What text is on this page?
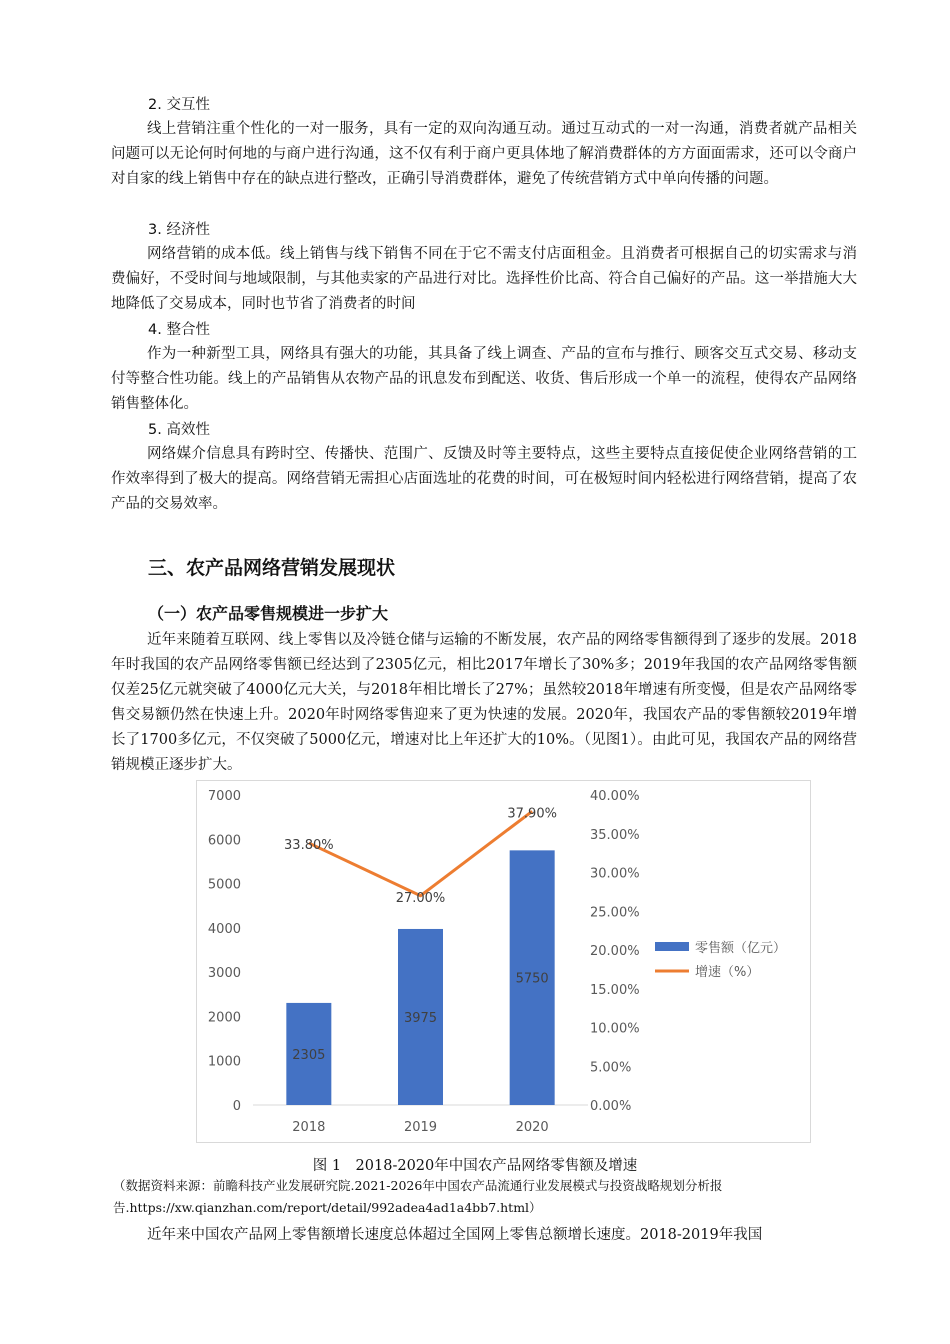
2. 交互性
线上营销注重个性化的一对一服务，具有一定的双向沟通互动。通过互动式的一对一沟通，消费者就产品相关问题可以无论何时何地的与商户进行沟通，这不仅有利于商户更具体地了解消费群体的方方面面需求，还可以令商户对自家的线上销售中存在的缺点进行整改，正确引导消费群体，避免了传统营销方式中单向传播的问题。
3. 经济性
网络营销的成本低。线上销售与线下销售不同在于它不需支付店面租金。且消费者可根据自己的切实需求与消费偏好，不受时间与地域限制，与其他卖家的产品进行对比。选择性价比高、符合自己偏好的产品。这一举措施大大地降低了交易成本，同时也节省了消费者的时间
4. 整合性
作为一种新型工具，网络具有强大的功能，其具备了线上调查、产品的宣布与推行、顾客交互式交易、移动支付等整合性功能。线上的产品销售从农物产品的讯息发布到配送、收货、售后形成一个单一的流程，使得农产品网络销售整体化。
5. 高效性
网络媒介信息具有跨时空、传播快、范围广、反馈及时等主要特点，这些主要特点直接促使企业网络营销的工作效率得到了极大的提高。网络营销无需担心店面选址的花费的时间，可在极短时间内轻松进行网络营销，提高了农产品的交易效率。
三、农产品网络营销发展现状
（一）农产品零售规模进一步扩大
近年来随着互联网、线上零售以及冷链仓储与运输的不断发展，农产品的网络零售额得到了逐步的发展。2018年时我国的农产品网络零售额已经达到了2305亿元，相比2017年增长了30%多；2019年我国的农产品网络零售额仅差25亿元就突破了4000亿元大关，与2018年相比增长了27%；虽然较2018年增速有所变慢，但是农产品网络零售交易额仍然在快速上升。2020年时网络零售迎来了更为快速的发展。2020年，我国农产品的零售额较2019年增长了1700多亿元，不仅突破了5000亿元，增速对比上年还扩大的10%。（见图1）。由此可见，我国农产品的网络营销规模正逐步扩大。
0
1000
2000
3000
4000
5000
6000
7000
0.00%
5.00%
10.00%
15.00%
20.00%
25.00%
30.00%
35.00%
40.00%
2018
2305
2019
3975
2020
5750
33.80%
27.00%
37.90%
零售额（亿元）
增速（%）
图 1　2018-2020年中国农产品网络零售额及增速
（数据资料来源：前瞻科技产业发展研究院.2021-2026年中国农产品流通行业发展模式与投资战略规划分析报告.https://xw.qianzhan.com/report/detail/992adea4ad1a4bb7.html）
近年来中国农产品网上零售额增长速度总体超过全国网上零售总额增长速度。2018-2019年我国
